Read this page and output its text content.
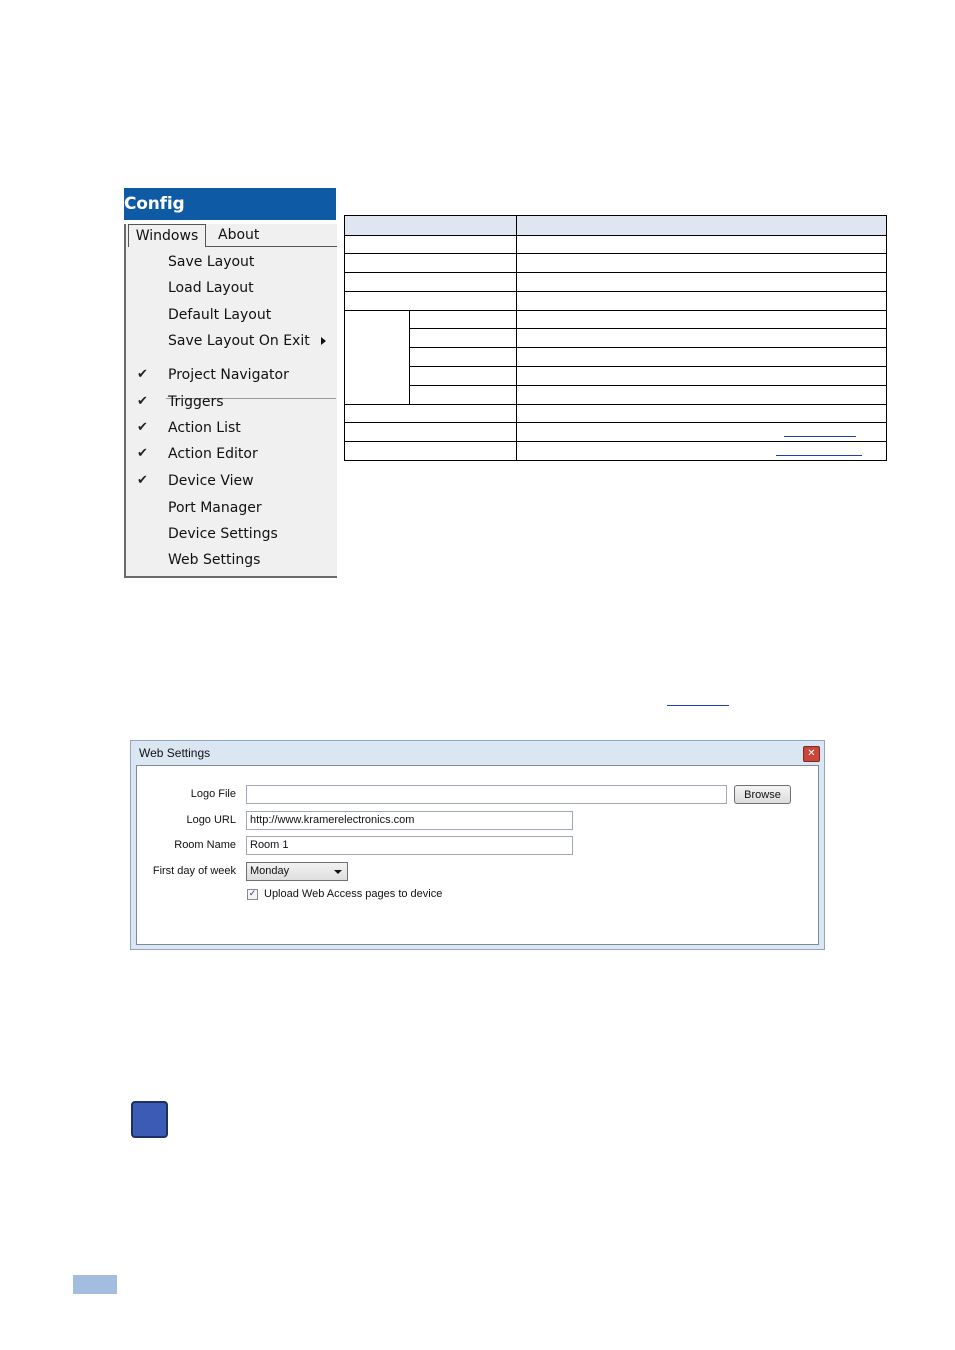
Config
Windows	About
Save Layout
Load Layout
Default Layout
Save Layout On Exit
✔ Project Navigator
✔ Triggers
✔ Action List
✔ Action Editor
✔ Device View
Port Manager
Device Settings
Web Settings
Web Settings	✕
Logo File	Browse
Logo URL	http://www.kramerelectronics.com
Room Name	Room 1
First day of week	Monday
✓ Upload Web Access pages to device
